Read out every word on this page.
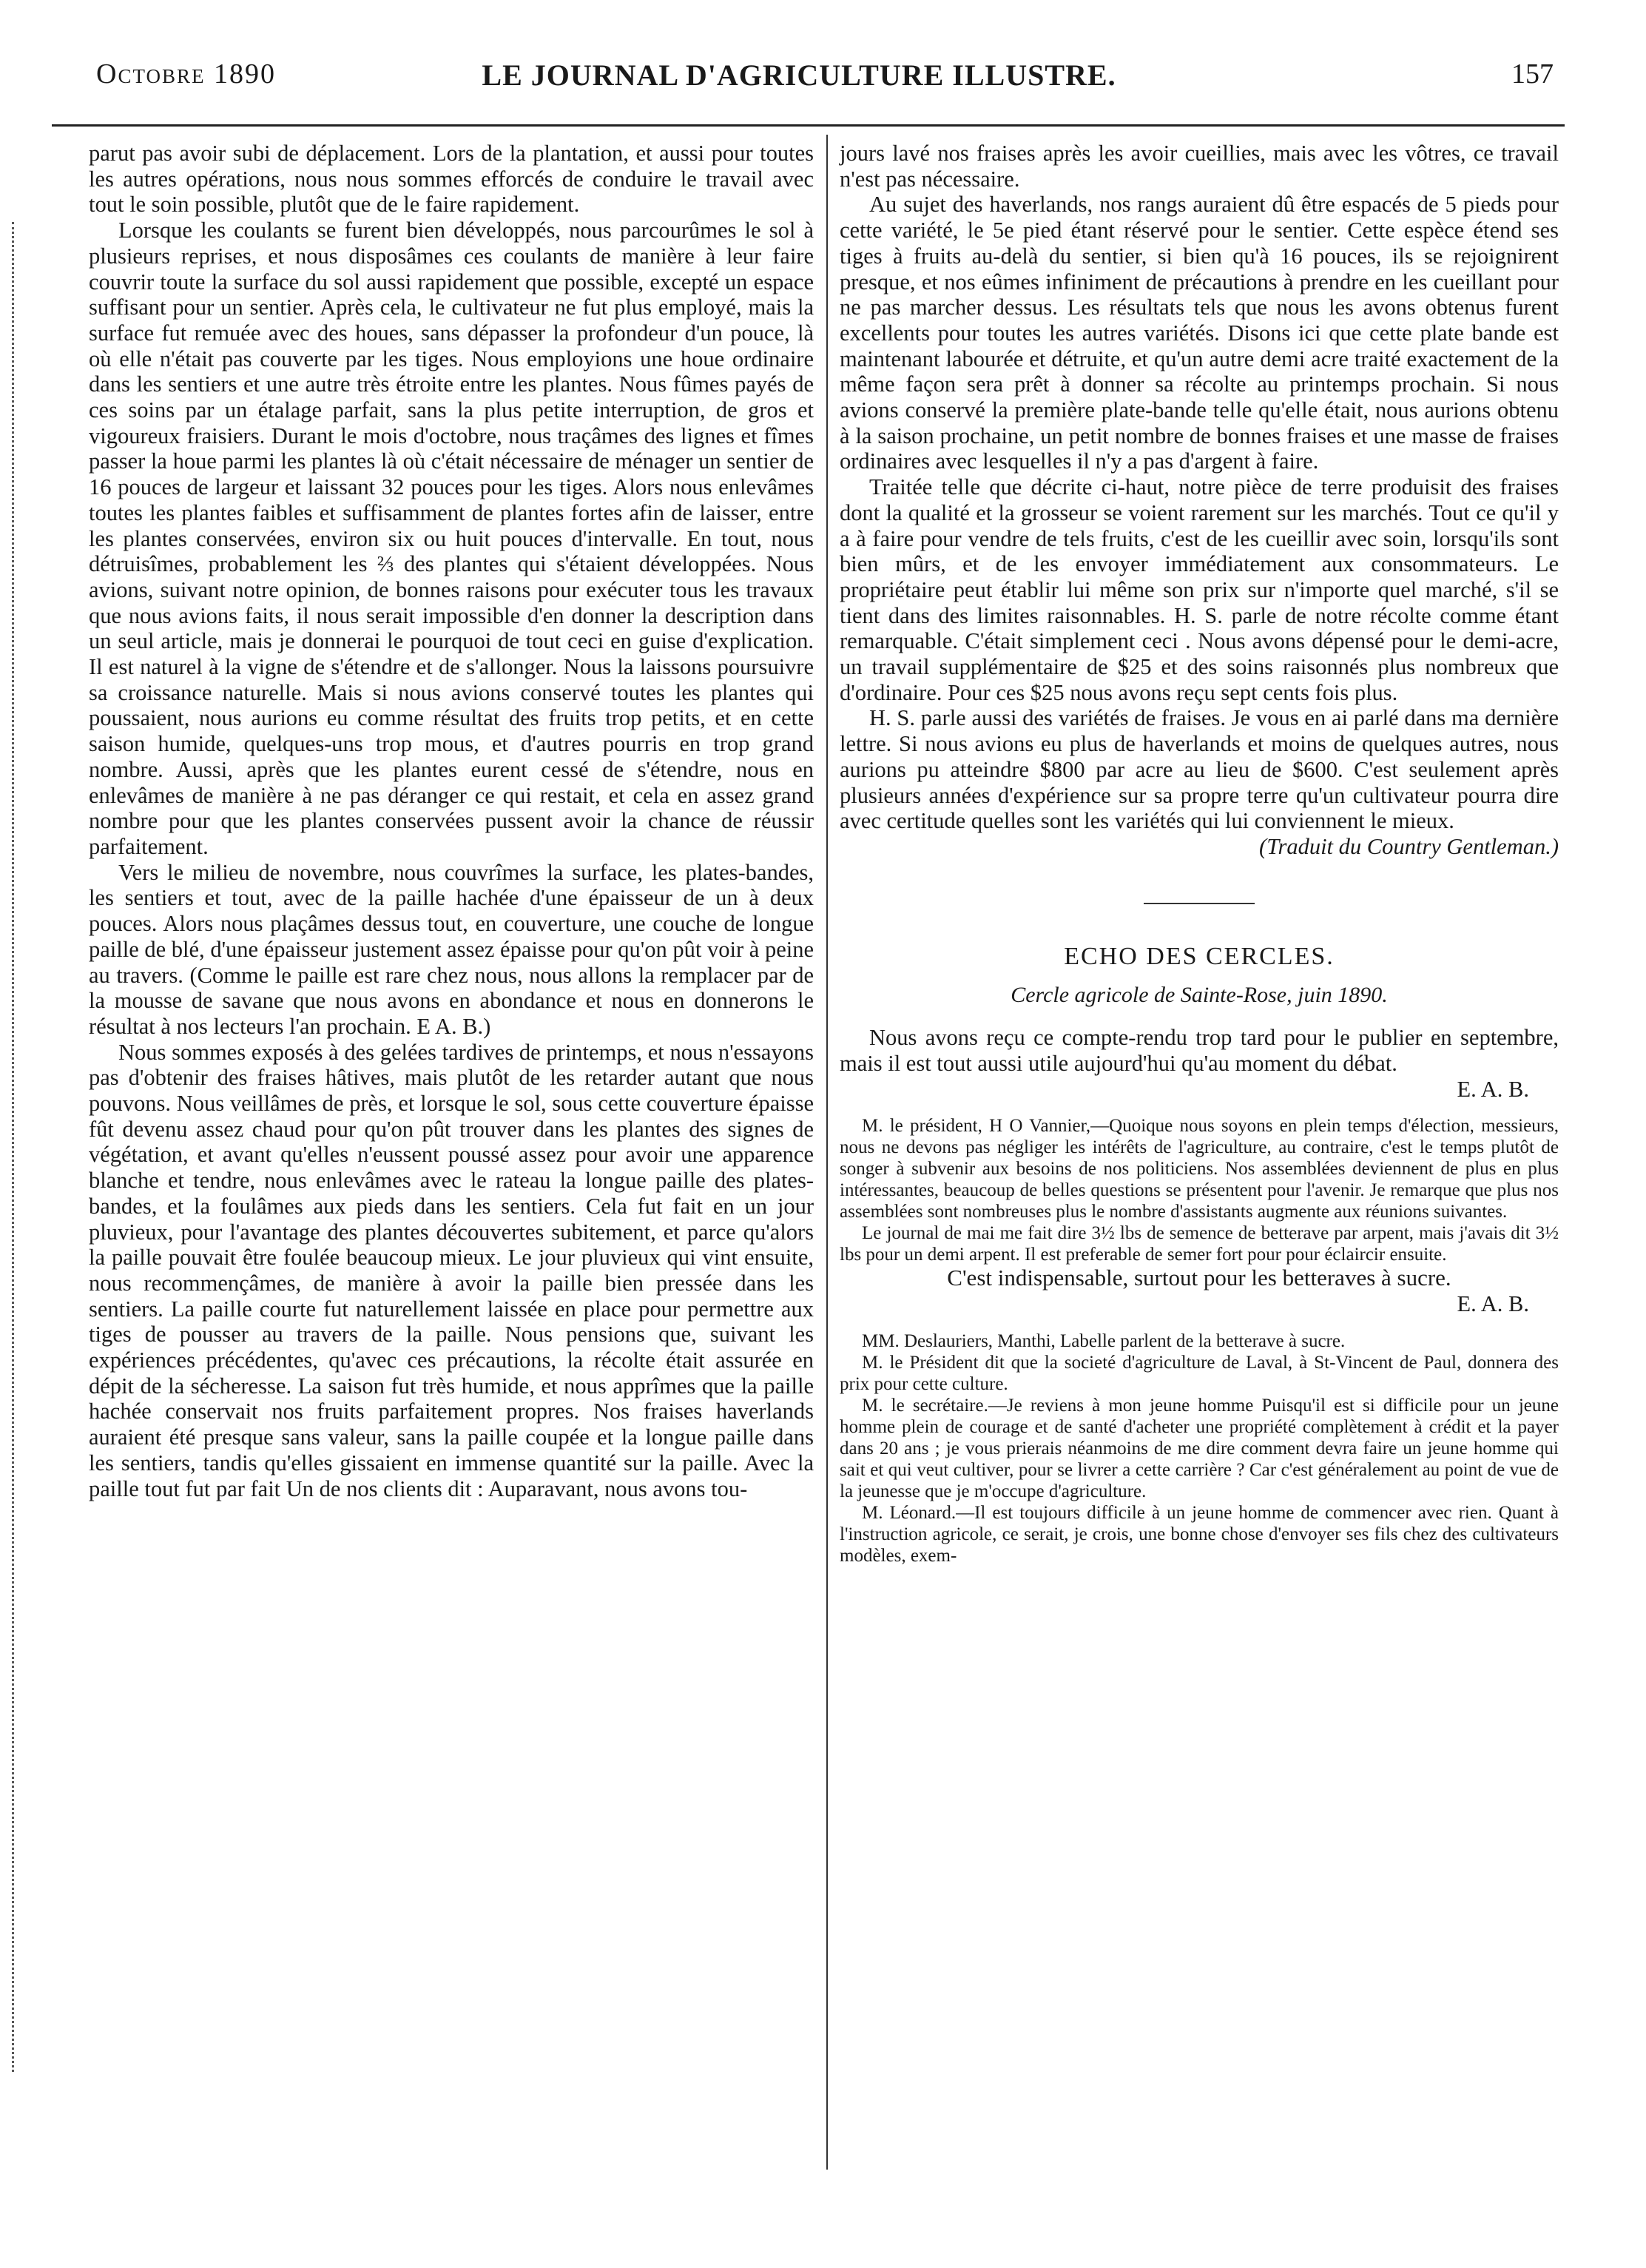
Octobre 1890	LE JOURNAL D'AGRICULTURE ILLUSTRE.	157

parut pas avoir subi de déplacement. Lors de la plantation, et aussi pour toutes les autres opérations, nous nous sommes efforcés de conduire le travail avec tout le soin possible, plutôt que de le faire rapidement.

Lorsque les coulants se furent bien développés, nous parcourûmes le sol à plusieurs reprises, et nous disposâmes ces coulants de manière à leur faire couvrir toute la surface du sol aussi rapidement que possible, excepté un espace suffisant pour un sentier. Après cela, le cultivateur ne fut plus employé, mais la surface fut remuée avec des houes, sans dépasser la profondeur d'un pouce, là où elle n'était pas couverte par les tiges. Nous employions une houe ordinaire dans les sentiers et une autre très étroite entre les plantes. Nous fûmes payés de ces soins par un étalage parfait, sans la plus petite interruption, de gros et vigoureux fraisiers. Durant le mois d'octobre, nous traçâmes des lignes et fîmes passer la houe parmi les plantes là où c'était nécessaire de ménager un sentier de 16 pouces de largeur et laissant 32 pouces pour les tiges. Alors nous enlevâmes toutes les plantes faibles et suffisamment de plantes fortes afin de laisser, entre les plantes conservées, environ six ou huit pouces d'intervalle. En tout, nous détruisîmes, probablement les ⅔ des plantes qui s'étaient développées. Nous avions, suivant notre opinion, de bonnes raisons pour exécuter tous les travaux que nous avions faits, il nous serait impossible d'en donner la description dans un seul article, mais je donnerai le pourquoi de tout ceci en guise d'explication. Il est naturel à la vigne de s'étendre et de s'allonger. Nous la laissons poursuivre sa croissance naturelle. Mais si nous avions conservé toutes les plantes qui poussaient, nous aurions eu comme résultat des fruits trop petits, et en cette saison humide, quelques-uns trop mous, et d'autres pourris en trop grand nombre. Aussi, après que les plantes eurent cessé de s'étendre, nous en enlevâmes de manière à ne pas déranger ce qui restait, et cela en assez grand nombre pour que les plantes conservées pussent avoir la chance de réussir parfaitement.

Vers le milieu de novembre, nous couvrîmes la surface, les plates-bandes, les sentiers et tout, avec de la paille hachée d'une épaisseur de un à deux pouces. Alors nous plaçâmes dessus tout, en couverture, une couche de longue paille de blé, d'une épaisseur justement assez épaisse pour qu'on pût voir à peine au travers. (Comme le paille est rare chez nous, nous allons la remplacer par de la mousse de savane que nous avons en abondance et nous en donnerons le résultat à nos lecteurs l'an prochain. E A. B.)

Nous sommes exposés à des gelées tardives de printemps, et nous n'essayons pas d'obtenir des fraises hâtives, mais plutôt de les retarder autant que nous pouvons. Nous veillâmes de près, et lorsque le sol, sous cette couverture épaisse fût devenu assez chaud pour qu'on pût trouver dans les plantes des signes de végétation, et avant qu'elles n'eussent poussé assez pour avoir une apparence blanche et tendre, nous enlevâmes avec le rateau la longue paille des plates-bandes, et la foulâmes aux pieds dans les sentiers. Cela fut fait en un jour pluvieux, pour l'avantage des plantes découvertes subitement, et parce qu'alors la paille pouvait être foulée beaucoup mieux. Le jour pluvieux qui vint ensuite, nous recommençâmes, de manière à avoir la paille bien pressée dans les sentiers. La paille courte fut naturellement laissée en place pour permettre aux tiges de pousser au travers de la paille. Nous pensions que, suivant les expériences précédentes, qu'avec ces précautions, la récolte était assurée en dépit de la sécheresse. La saison fut très humide, et nous apprîmes que la paille hachée conservait nos fruits parfaitement propres. Nos fraises haverlands auraient été presque sans valeur, sans la paille coupée et la longue paille dans les sentiers, tandis qu'elles gissaient en immense quantité sur la paille. Avec la paille tout fut par fait Un de nos clients dit : Auparavant, nous avons tou-

jours lavé nos fraises après les avoir cueillies, mais avec les vôtres, ce travail n'est pas nécessaire.

Au sujet des haverlands, nos rangs auraient dû être espacés de 5 pieds pour cette variété, le 5e pied étant réservé pour le sentier. Cette espèce étend ses tiges à fruits au-delà du sentier, si bien qu'à 16 pouces, ils se rejoignirent presque, et nos eûmes infiniment de précautions à prendre en les cueillant pour ne pas marcher dessus. Les résultats tels que nous les avons obtenus furent excellents pour toutes les autres variétés. Disons ici que cette plate bande est maintenant labourée et détruite, et qu'un autre demi acre traité exactement de la même façon sera prêt à donner sa récolte au printemps prochain. Si nous avions conservé la première plate-bande telle qu'elle était, nous aurions obtenu à la saison prochaine, un petit nombre de bonnes fraises et une masse de fraises ordinaires avec lesquelles il n'y a pas d'argent à faire.

Traitée telle que décrite ci-haut, notre pièce de terre produisit des fraises dont la qualité et la grosseur se voient rarement sur les marchés. Tout ce qu'il y a à faire pour vendre de tels fruits, c'est de les cueillir avec soin, lorsqu'ils sont bien mûrs, et de les envoyer immédiatement aux consommateurs. Le propriétaire peut établir lui même son prix sur n'importe quel marché, s'il se tient dans des limites raisonnables. H. S. parle de notre récolte comme étant remarquable. C'était simplement ceci . Nous avons dépensé pour le demi-acre, un travail supplémentaire de $25 et des soins raisonnés plus nombreux que d'ordinaire. Pour ces $25 nous avons reçu sept cents fois plus.

H. S. parle aussi des variétés de fraises. Je vous en ai parlé dans ma dernière lettre. Si nous avions eu plus de haverlands et moins de quelques autres, nous aurions pu atteindre $800 par acre au lieu de $600. C'est seulement après plusieurs années d'expérience sur sa propre terre qu'un cultivateur pourra dire avec certitude quelles sont les variétés qui lui conviennent le mieux.

(Traduit du Country Gentleman.)

ECHO DES CERCLES.
Cercle agricole de Sainte-Rose, juin 1890.

Nous avons reçu ce compte-rendu trop tard pour le publier en septembre, mais il est tout aussi utile aujourd'hui qu'au moment du débat.

E. A. B.

M. le président, H O Vannier,—Quoique nous soyons en plein temps d'élection, messieurs, nous ne devons pas négliger les intérêts de l'agriculture, au contraire, c'est le temps plutôt de songer à subvenir aux besoins de nos politiciens. Nos assemblées deviennent de plus en plus intéressantes, beaucoup de belles questions se présentent pour l'avenir. Je remarque que plus nos assemblées sont nombreuses plus le nombre d'assistants augmente aux réunions suivantes.

Le journal de mai me fait dire 3½ lbs de semence de betterave par arpent, mais j'avais dit 3½ lbs pour un demi arpent. Il est preferable de semer fort pour pour éclaircir ensuite.

C'est indispensable, surtout pour les betteraves à sucre.

E. A. B.

MM. Deslauriers, Manthi, Labelle parlent de la betterave à sucre.

M. le Président dit que la societé d'agriculture de Laval, à St-Vincent de Paul, donnera des prix pour cette culture.

M. le secrétaire.—Je reviens à mon jeune homme Puisqu'il est si difficile pour un jeune homme plein de courage et de santé d'acheter une propriété complètement à crédit et la payer dans 20 ans ; je vous prierais néanmoins de me dire comment devra faire un jeune homme qui sait et qui veut cultiver, pour se livrer a cette carrière ? Car c'est généralement au point de vue de la jeunesse que je m'occupe d'agriculture.

M. Léonard.—Il est toujours difficile à un jeune homme de commencer avec rien. Quant à l'instruction agricole, ce serait, je crois, une bonne chose d'envoyer ses fils chez des cultivateurs modèles, exem-
